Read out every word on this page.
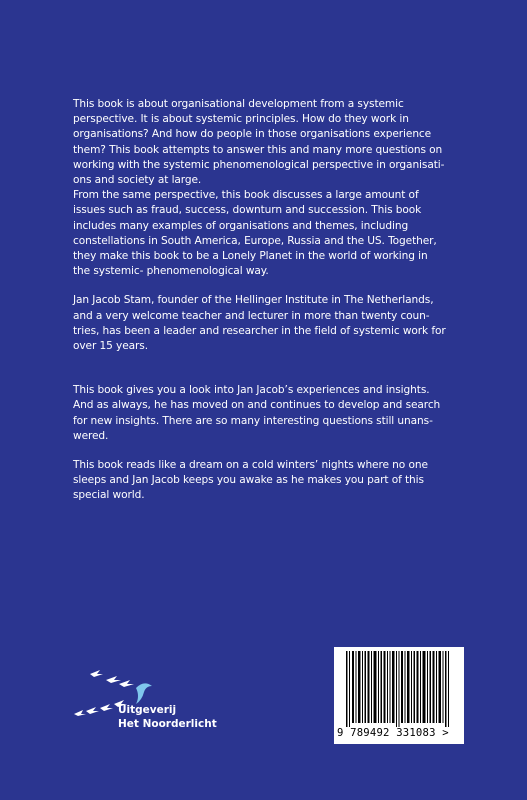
This book is about organisational development from a systemic
perspective. It is about systemic principles. How do they work in
organisations? And how do people in those organisations experience
them? This book attempts to answer this and many more questions on
working with the systemic phenomenological perspective in organisati-
ons and society at large.
From the same perspective, this book discusses a large amount of
issues such as fraud, success, downturn and succession. This book
includes many examples of organisations and themes, including
constellations in South America, Europe, Russia and the US. Together,
they make this book to be a Lonely Planet in the world of working in
the systemic- phenomenological way.

Jan Jacob Stam, founder of the Hellinger Institute in The Netherlands,
and a very welcome teacher and lecturer in more than twenty coun-
tries, has been a leader and researcher in the field of systemic work for
over 15 years.

This book gives you a look into Jan Jacob’s experiences and insights.
And as always, he has moved on and continues to develop and search
for new insights. There are so many interesting questions still unans-
wered.

This book reads like a dream on a cold winters’ nights where no one
sleeps and Jan Jacob keeps you awake as he makes you part of this
special world.

Uitgeverij
Het Noorderlicht
9 789492 331083 >
